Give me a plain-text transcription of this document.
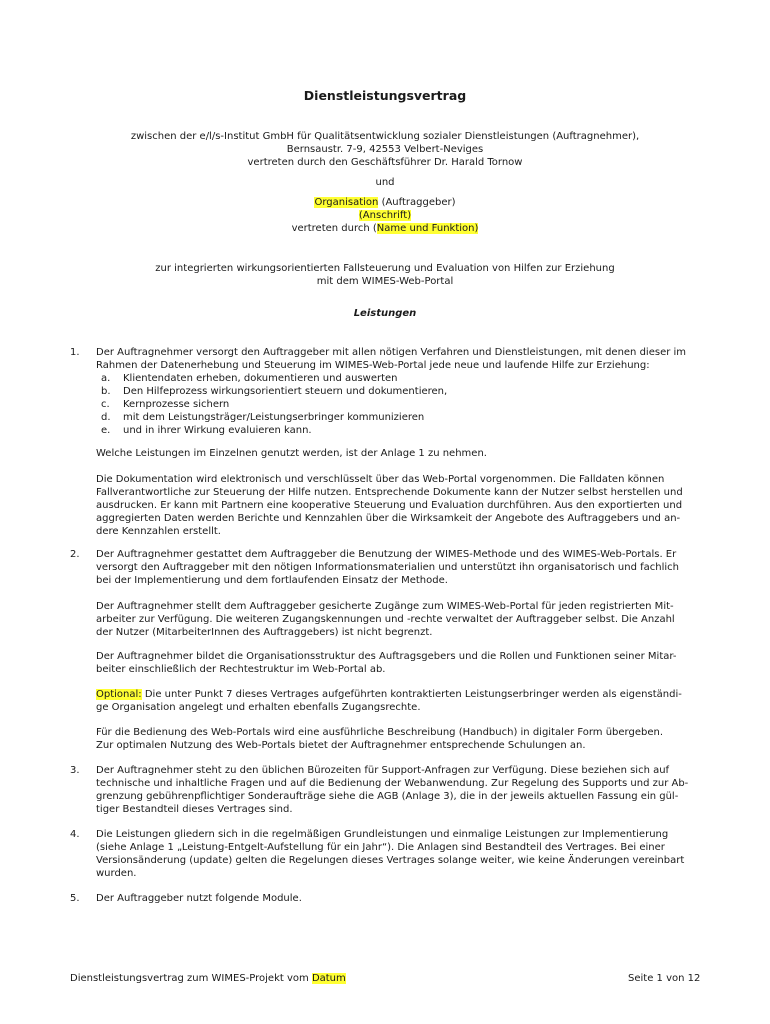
Dienstleistungsvertrag
zwischen der e/l/s-Institut GmbH für Qualitätsentwicklung sozialer Dienstleistungen (Auftragnehmer),
Bernsaustr. 7-9, 42553 Velbert-Neviges
vertreten durch den Geschäftsführer Dr. Harald Tornow
und
Organisation (Auftraggeber)
(Anschrift)
vertreten durch (Name und Funktion)
zur integrierten wirkungsorientierten Fallsteuerung und Evaluation von Hilfen zur Erziehung
mit dem WIMES-Web-Portal
Leistungen
1.	Der Auftragnehmer versorgt den Auftraggeber mit allen nötigen Verfahren und Dienstleistungen, mit denen dieser im
Rahmen der Datenerhebung und Steuerung im WIMES-Web-Portal jede neue und laufende Hilfe zur Erziehung:
a.	Klientendaten erheben, dokumentieren und auswerten
b.	Den Hilfeprozess wirkungsorientiert steuern und dokumentieren,
c.	Kernprozesse sichern
d.	mit dem Leistungsträger/Leistungserbringer kommunizieren
e.	und in ihrer Wirkung evaluieren kann.
Welche Leistungen im Einzelnen genutzt werden, ist der Anlage 1 zu nehmen.
Die Dokumentation wird elektronisch und verschlüsselt über das Web-Portal vorgenommen. Die Falldaten können
Fallverantwortliche zur Steuerung der Hilfe nutzen. Entsprechende Dokumente kann der Nutzer selbst herstellen und
ausdrucken. Er kann mit Partnern eine kooperative Steuerung und Evaluation durchführen. Aus den exportierten und
aggregierten Daten werden Berichte und Kennzahlen über die Wirksamkeit der Angebote des Auftraggebers und an-
dere Kennzahlen erstellt.
2.	Der Auftragnehmer gestattet dem Auftraggeber die Benutzung der WIMES-Methode und des WIMES-Web-Portals. Er
versorgt den Auftraggeber mit den nötigen Informationsmaterialien und unterstützt ihn organisatorisch und fachlich
bei der Implementierung und dem fortlaufenden Einsatz der Methode.
Der Auftragnehmer stellt dem Auftraggeber gesicherte Zugänge zum WIMES-Web-Portal für jeden registrierten Mit-
arbeiter zur Verfügung. Die weiteren Zugangskennungen und -rechte verwaltet der Auftraggeber selbst. Die Anzahl
der Nutzer (MitarbeiterInnen des Auftraggebers) ist nicht begrenzt.
Der Auftragnehmer bildet die Organisationsstruktur des Auftragsgebers und die Rollen und Funktionen seiner Mitar-
beiter einschließlich der Rechtestruktur im Web-Portal ab.
Optional: Die unter Punkt 7 dieses Vertrages aufgeführten kontraktierten Leistungserbringer werden als eigenständi-
ge Organisation angelegt und erhalten ebenfalls Zugangsrechte.
Für die Bedienung des Web-Portals wird eine ausführliche Beschreibung (Handbuch) in digitaler Form übergeben.
Zur optimalen Nutzung des Web-Portals bietet der Auftragnehmer entsprechende Schulungen an.
3.	Der Auftragnehmer steht zu den üblichen Bürozeiten für Support-Anfragen zur Verfügung. Diese beziehen sich auf
technische und inhaltliche Fragen und auf die Bedienung der Webanwendung. Zur Regelung des Supports und zur Ab-
grenzung gebührenpflichtiger Sonderaufträge siehe die AGB (Anlage 3), die in der jeweils aktuellen Fassung ein gül-
tiger Bestandteil dieses Vertrages sind.
4.	Die Leistungen gliedern sich in die regelmäßigen Grundleistungen und einmalige Leistungen zur Implementierung
(siehe Anlage 1 „Leistung-Entgelt-Aufstellung für ein Jahr“). Die Anlagen sind Bestandteil des Vertrages. Bei einer
Versionsänderung (update) gelten die Regelungen dieses Vertrages solange weiter, wie keine Änderungen vereinbart
wurden.
5.	Der Auftraggeber nutzt folgende Module.
Dienstleistungsvertrag zum WIMES-Projekt vom Datum	Seite 1 von 12
